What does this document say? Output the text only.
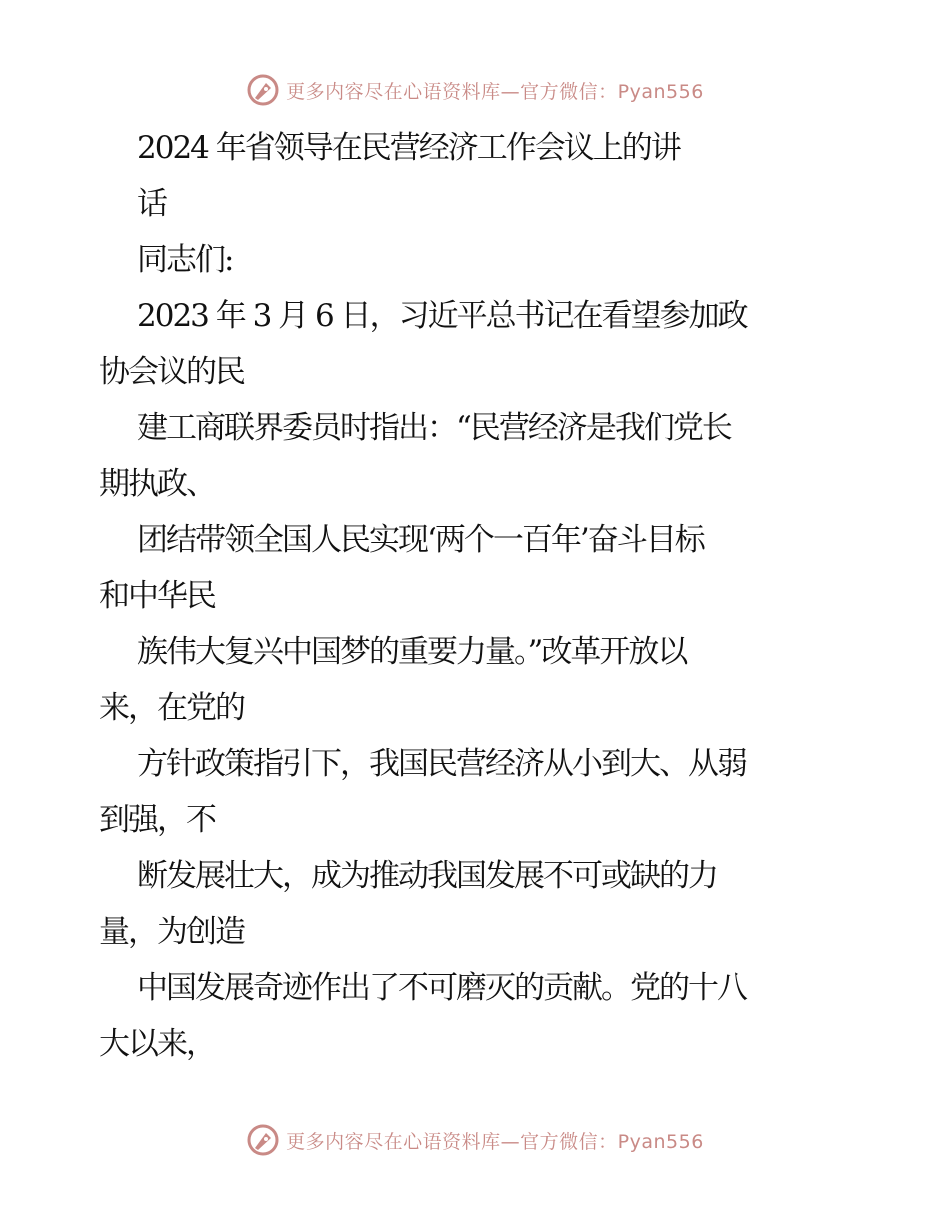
更多内容尽在心语资料库—官方微信：Pyan556
2024 年省领导在民营经济工作会议上的讲
话
同志们:
2023 年 3 月 6 日，习近平总书记在看望参加政
协会议的民
建工商联界委员时指出：“民营经济是我们党长
期执政、
团结带领全国人民实现‘两个一百年’奋斗目标
和中华民
族伟大复兴中国梦的重要力量。”改革开放以
来，在党的
方针政策指引下，我国民营经济从小到大、从弱
到强，不
断发展壮大，成为推动我国发展不可或缺的力
量，为创造
中国发展奇迹作出了不可磨灭的贡献。党的十八
大以来，
更多内容尽在心语资料库—官方微信：Pyan556
